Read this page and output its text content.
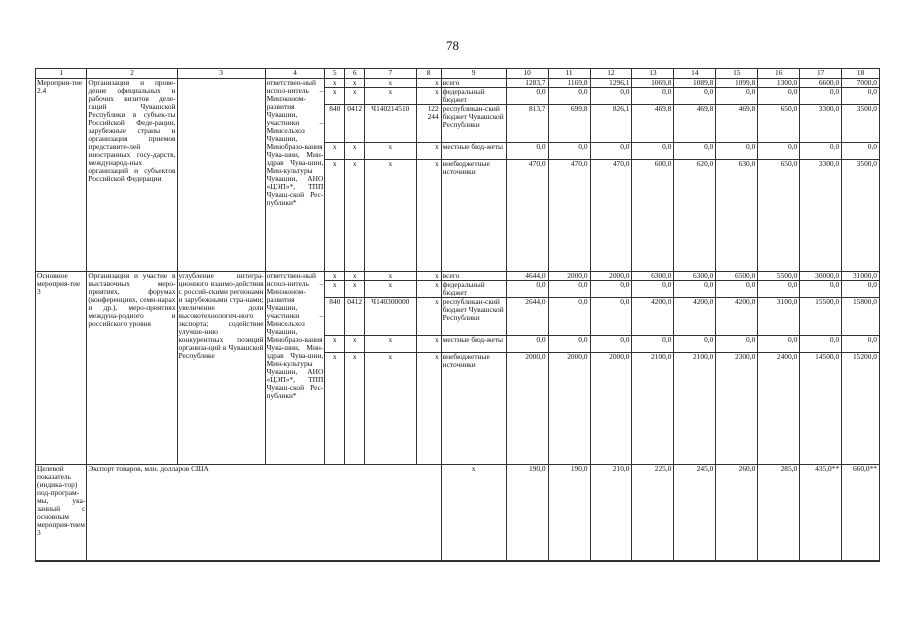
78
1	2	3	4	5	6	7	8	9	10	11	12	13	14	15	16	17	18
Мероприя-тие 2.4	Организация и прове-дение официальных и рабочих визитов деле-гаций Чувашской Республики в субъек-ты Российской Феде-рации, зарубежные страны и организация приемов представите-лей иностранных госу-дарств, международ-ных организаций и субъектов Российской Федерации		ответствен-ный испол-нитель – Минэконом-развития Чувашии, участники – Минсельхоз Чувашии, Минобразо-вания Чува-шии, Мин-здрав Чува-шии, Мин-культуры Чувашии, АНО «ЦЭП»*, ТПП Чуваш-ской Рес-публики*	x	x	x	x	всего	1283,7	1169,8	1296,1	1069,8	1089,8	1099,8	1300,0	6600,0	7000,0
				x	x	x	x	федеральный бюджет	0,0	0,0	0,0	0,0	0,0	0,0	0,0	0,0	0,0
				840	0412	Ч140214510	122 244	республикан-ский бюджет Чувашской Республики	813,7	699,8	826,1	469,8	469,8	469,8	650,0	3300,0	3500,0
				x	x	x	x	местные бюд-жеты	0,0	0,0	0,0	0,0	0,0	0,0	0,0	0,0	0,0
				x	x	x	x	внебюджетные источники	470,0	470,0	470,0	600,0	620,0	630,0	650,0	3300,0	3500,0
Основное мероприя-тие 3	Организация и участие в выставочных меро-приятиях, форумах (конференциях, семи-нарах и др.), меро-приятиях междуна-родного и российского уровня	углубление интегра-ционного взаимо-действия с россий-скими регионами и зарубежными стра-нами; увеличение доли высокотехнологич-ного экспорта; содействие улучше-нию конкурентных позиций организа-ций в Чувашской Республике	ответствен-ный испол-нитель – Минэконом-развития Чувашии, участники – Минсельхоз Чувашии, Минобразо-вания Чува-шии, Мин-здрав Чува-шии, Мин-культуры Чувашии, АНО «ЦЭП»*, ТПП Чуваш-ской Рес-публики*	x	x	x	x	всего	4644,0	2000,0	2000,0	6300,0	6300,0	6500,0	5500,0	30000,0	31000,0
				x	x	x	x	федеральный бюджет	0,0	0,0	0,0	0,0	0,0	0,0	0,0	0,0	0,0
				840	0412	Ч140300000	x	республикан-ский бюджет Чувашской Республики	2644,0	0,0	0,0	4200,0	4200,0	4200,0	3100,0	15500,0	15800,0
				x	x	x	x	местные бюд-жеты	0,0	0,0	0,0	0,0	0,0	0,0	0,0	0,0	0,0
				x	x	x	x	внебюджетные источники	2000,0	2000,0	2000,0	2100,0	2100,0	2300,0	2400,0	14500,0	15200,0
Целевой показатель (индика-тор) под-програм-мы, ука-занный с основным мероприя-тием 3	Экспорт товаров, млн. долларов США							x	190,0	190,0	210,0	225,0	245,0	260,0	285,0	435,0**	660,0**
